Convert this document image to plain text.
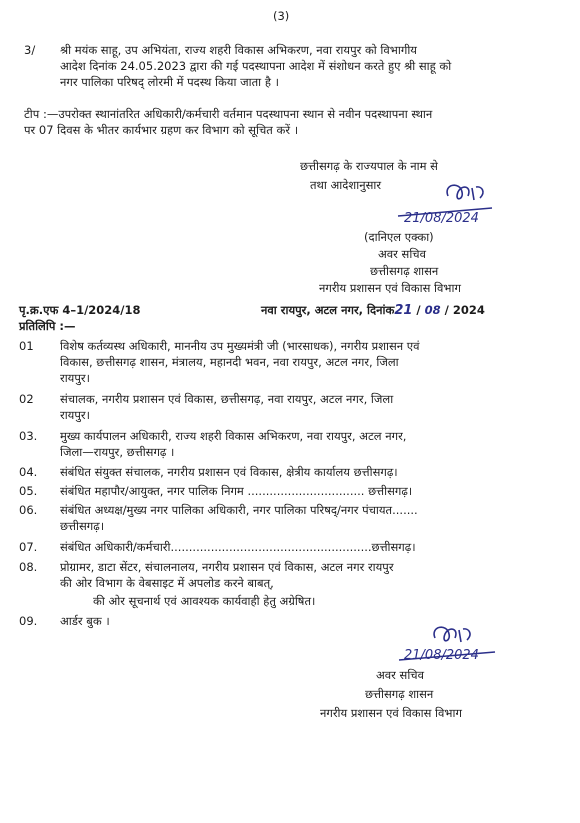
(3)
3/ श्री मयंक साहू, उप अभियंता, राज्य शहरी विकास अभिकरण, नवा रायपुर को विभागीय
आदेश दिनांक 24.05.2023 द्वारा की गई पदस्थापना आदेश में संशोधन करते हुए श्री साहू को
नगर पालिका परिषद् लोरमी में पदस्थ किया जाता है ।
टीप :—उपरोक्त स्थानांतरित अधिकारी/कर्मचारी वर्तमान पदस्थापना स्थान से नवीन पदस्थापना स्थान
पर 07 दिवस के भीतर कार्यभार ग्रहण कर विभाग को सूचित करें ।
छत्तीसगढ़ के राज्यपाल के नाम से
तथा आदेशानुसार
21/08/2024
(दानिएल एक्का)
अवर सचिव
छत्तीसगढ़ शासन
नगरीय प्रशासन एवं विकास विभाग
पृ.क्र.एफ 4–1/2024/18	नवा रायपुर, अटल नगर, दिनांक21 / 08 / 2024
प्रतिलिपि :—
01 विशेष कर्तव्यस्थ अधिकारी, माननीय उप मुख्यमंत्री जी (भारसाधक), नगरीय प्रशासन एवं
विकास, छत्तीसगढ़ शासन, मंत्रालय, महानदी भवन, नवा रायपुर, अटल नगर, जिला
रायपुर।
02 संचालक, नगरीय प्रशासन एवं विकास, छत्तीसगढ़, नवा रायपुर, अटल नगर, जिला
रायपुर।
03. मुख्य कार्यपालन अधिकारी, राज्य शहरी विकास अभिकरण, नवा रायपुर, अटल नगर,
जिला—रायपुर, छत्तीसगढ़ ।
04. संबंधित संयुक्त संचालक, नगरीय प्रशासन एवं विकास, क्षेत्रीय कार्यालय छत्तीसगढ़।
05. संबंधित महापौर/आयुक्त, नगर पालिक निगम ................................ छत्तीसगढ़।
06. संबंधित अध्यक्ष/मुख्य नगर पालिका अधिकारी, नगर पालिका परिषद्/नगर पंचायत.......
छत्तीसगढ़।
07. संबंधित अधिकारी/कर्मचारी.......................................................छत्तीसगढ़।
08. प्रोग्रामर, डाटा सेंटर, संचालनालय, नगरीय प्रशासन एवं विकास, अटल नगर रायपुर
की ओर विभाग के वेबसाइट में अपलोड करने बाबत्,
की ओर सूचनार्थ एवं आवश्यक कार्यवाही हेतु अग्रेषित।
09. आर्डर बुक ।
21/08/2024
अवर सचिव
छत्तीसगढ़ शासन
नगरीय प्रशासन एवं विकास विभाग
